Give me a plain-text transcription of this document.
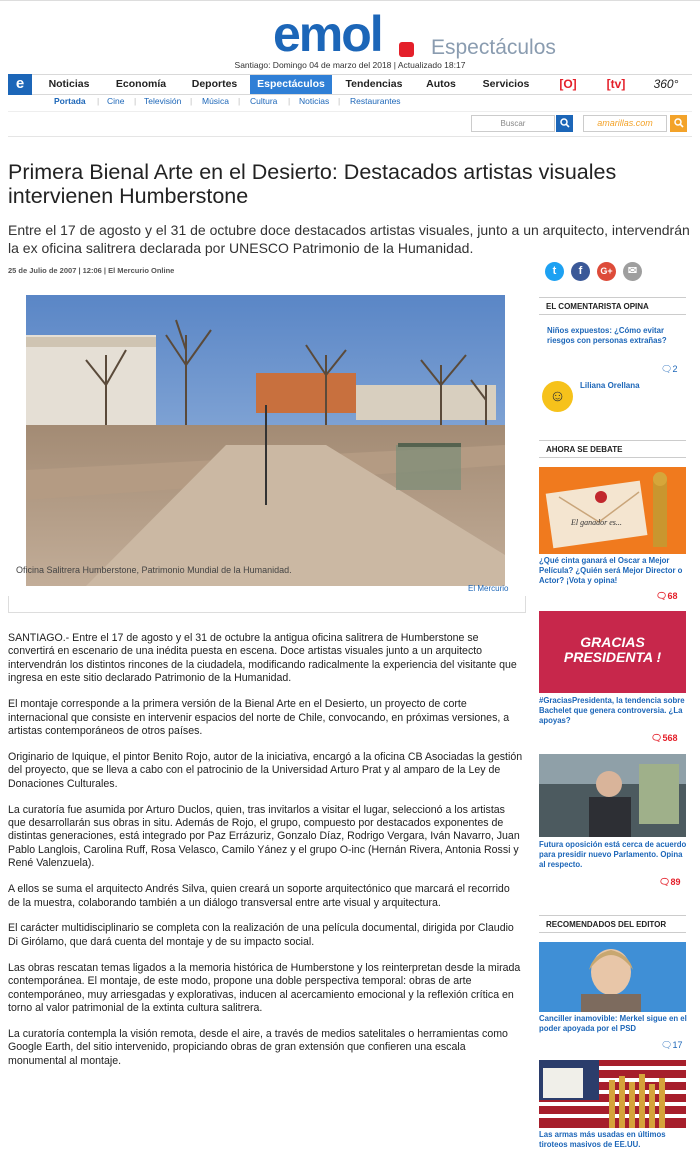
emol Espectáculos
Santiago: Domingo 04 de marzo del 2018 | Actualizado 18:17
e	Noticias	Economía	Deportes	Espectáculos	Tendencias	Autos	Servicios	[O]	[tv]	360°
Portada | Cine | Televisión | Música | Cultura | Noticias | Restaurantes
Buscar	amarillas.com
Primera Bienal Arte en el Desierto: Destacados artistas visuales intervienen Humberstone
Entre el 17 de agosto y el 31 de octubre doce destacados artistas visuales, junto a un arquitecto, intervendrán la ex oficina salitrera declarada por UNESCO Patrimonio de la Humanidad.
25 de Julio de 2007 | 12:06 | El Mercurio Online
Oficina Salitrera Humberstone, Patrimonio Mundial de la Humanidad.
El Mercurio

SANTIAGO.- Entre el 17 de agosto y el 31 de octubre la antigua oficina salitrera de Humberstone se convertirá en escenario de una inédita puesta en escena. Doce artistas visuales junto a un arquitecto intervendrán los distintos rincones de la ciudadela, modificando radicalmente la experiencia del visitante que ingresa en este sitio declarado Patrimonio de la Humanidad.

El montaje corresponde a la primera versión de la Bienal Arte en el Desierto, un proyecto de corte internacional que consiste en intervenir espacios del norte de Chile, convocando, en próximas versiones, a artistas contemporáneos de otros países.

Originario de Iquique, el pintor Benito Rojo, autor de la iniciativa, encargó a la oficina CB Asociadas la gestión del proyecto, que se lleva a cabo con el patrocinio de la Universidad Arturo Prat y al amparo de la Ley de Donaciones Culturales.

La curatoría fue asumida por Arturo Duclos, quien, tras invitarlos a visitar el lugar, seleccionó a los artistas que desarrollarán sus obras in situ. Además de Rojo, el grupo, compuesto por destacados exponentes de distintas generaciones, está integrado por Paz Errázuriz, Gonzalo Díaz, Rodrigo Vergara, Iván Navarro, Juan Pablo Langlois, Carolina Ruff, Rosa Velasco, Camilo Yánez y el grupo O-inc (Hernán Rivera, Antonia Rossi y René Valenzuela).

A ellos se suma el arquitecto Andrés Silva, quien creará un soporte arquitectónico que marcará el recorrido de la muestra, colaborando también a un diálogo transversal entre arte visual y arquitectura.

El carácter multidisciplinario se completa con la realización de una película documental, dirigida por Claudio Di Girólamo, que dará cuenta del montaje y de su impacto social.

Las obras rescatan temas ligados a la memoria histórica de Humberstone y los reinterpretan desde la mirada contemporánea. El montaje, de este modo, propone una doble perspectiva temporal: obras de arte contemporáneo, muy arriesgadas y explorativas, inducen al acercamiento emocional y la reflexión crítica en torno al valor patrimonial de la extinta cultura salitrera.

La curatoría contempla la visión remota, desde el aire, a través de medios satelitales o herramientas como Google Earth, del sitio intervenido, propiciando obras de gran extensión que confieren una escala monumental al montaje.

t	f	G+	✉
EL COMENTARISTA OPINA
Niños expuestos: ¿Cómo evitar riesgos con personas extrañas?
🗨2
☺
Liliana Orellana
AHORA SE DEBATE
El ganador es...
¿Qué cinta ganará el Oscar a Mejor Película? ¿Quién será Mejor Director o Actor? ¡Vota y opina!
🗨68
GRACIAS PRESIDENTA !
#GraciasPresidenta, la tendencia sobre Bachelet que genera controversia. ¿La apoyas?
🗨568
Futura oposición está cerca de acuerdo para presidir nuevo Parlamento. Opina al respecto.
🗨89
RECOMENDADOS DEL EDITOR
Canciller inamovible: Merkel sigue en el poder apoyada por el PSD
🗨17
Las armas más usadas en últimos tiroteos masivos de EE.UU.
